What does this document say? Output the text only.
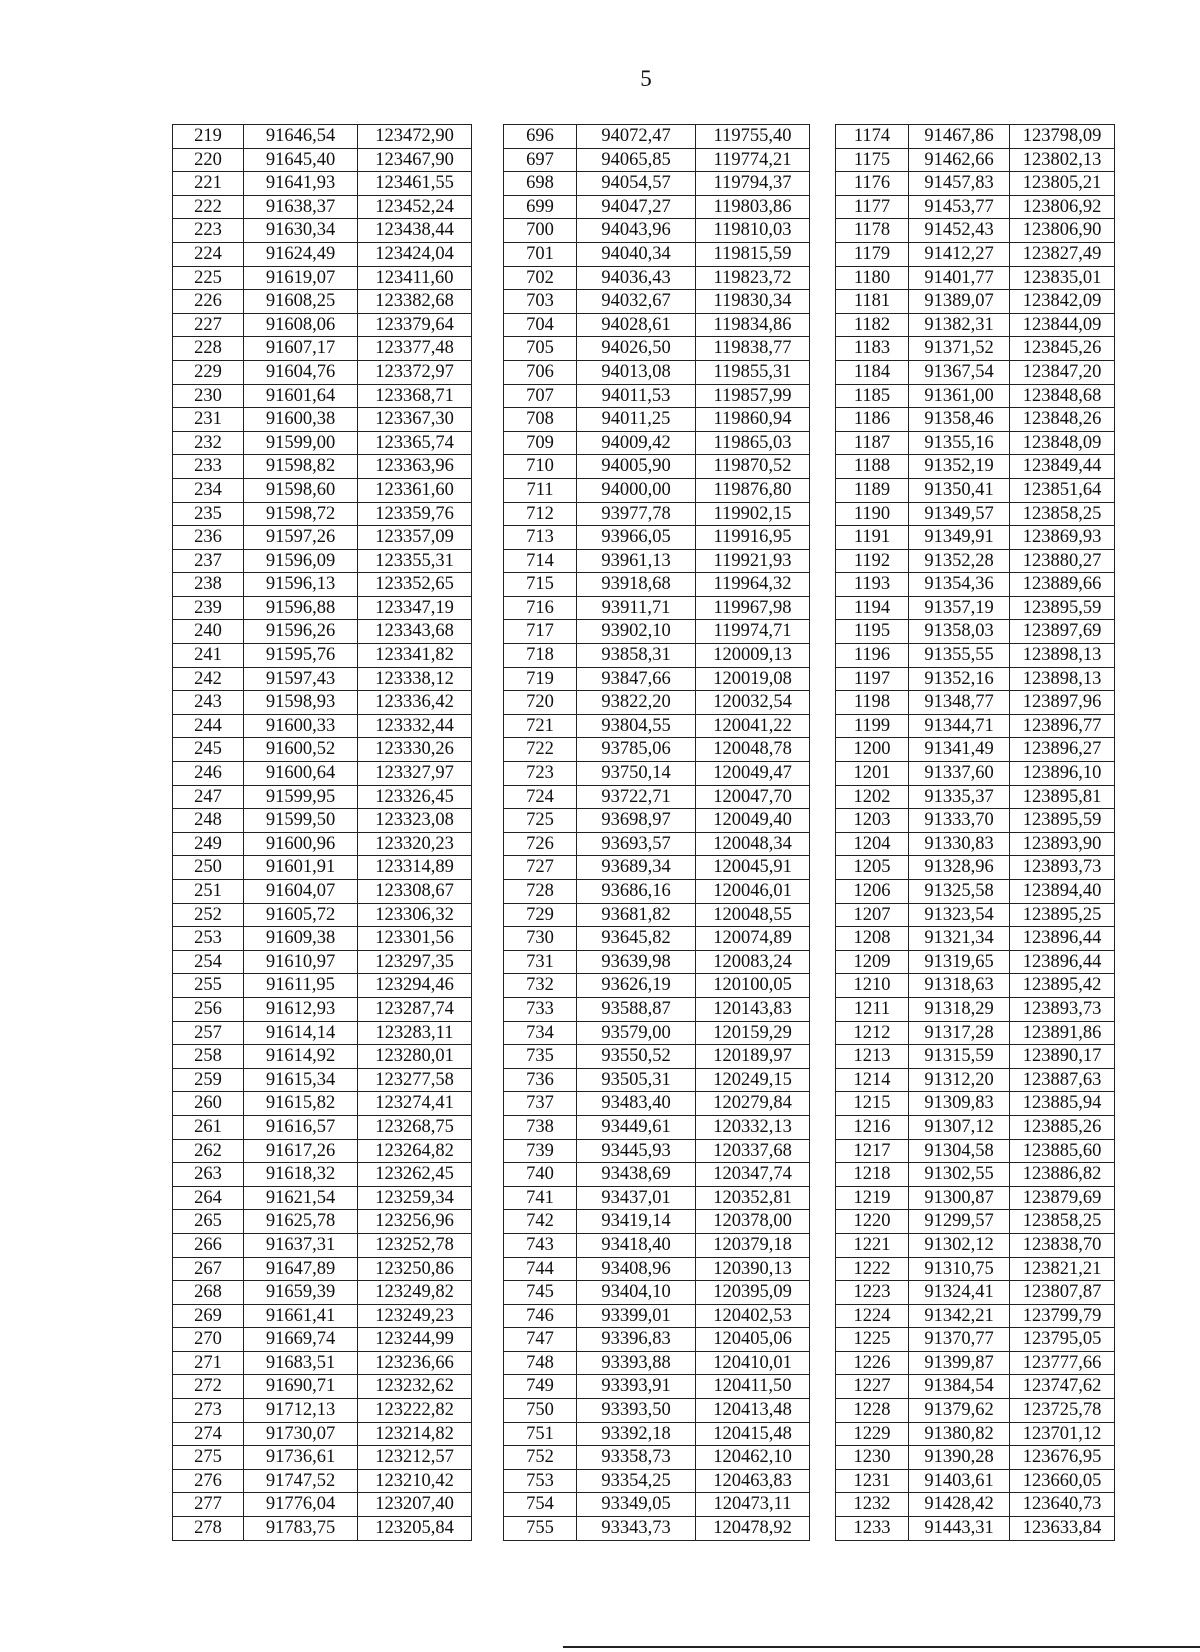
5
219	91646,54	123472,90
220	91645,40	123467,90
221	91641,93	123461,55
222	91638,37	123452,24
223	91630,34	123438,44
224	91624,49	123424,04
225	91619,07	123411,60
226	91608,25	123382,68
227	91608,06	123379,64
228	91607,17	123377,48
229	91604,76	123372,97
230	91601,64	123368,71
231	91600,38	123367,30
232	91599,00	123365,74
233	91598,82	123363,96
234	91598,60	123361,60
235	91598,72	123359,76
236	91597,26	123357,09
237	91596,09	123355,31
238	91596,13	123352,65
239	91596,88	123347,19
240	91596,26	123343,68
241	91595,76	123341,82
242	91597,43	123338,12
243	91598,93	123336,42
244	91600,33	123332,44
245	91600,52	123330,26
246	91600,64	123327,97
247	91599,95	123326,45
248	91599,50	123323,08
249	91600,96	123320,23
250	91601,91	123314,89
251	91604,07	123308,67
252	91605,72	123306,32
253	91609,38	123301,56
254	91610,97	123297,35
255	91611,95	123294,46
256	91612,93	123287,74
257	91614,14	123283,11
258	91614,92	123280,01
259	91615,34	123277,58
260	91615,82	123274,41
261	91616,57	123268,75
262	91617,26	123264,82
263	91618,32	123262,45
264	91621,54	123259,34
265	91625,78	123256,96
266	91637,31	123252,78
267	91647,89	123250,86
268	91659,39	123249,82
269	91661,41	123249,23
270	91669,74	123244,99
271	91683,51	123236,66
272	91690,71	123232,62
273	91712,13	123222,82
274	91730,07	123214,82
275	91736,61	123212,57
276	91747,52	123210,42
277	91776,04	123207,40
278	91783,75	123205,84
696	94072,47	119755,40
697	94065,85	119774,21
698	94054,57	119794,37
699	94047,27	119803,86
700	94043,96	119810,03
701	94040,34	119815,59
702	94036,43	119823,72
703	94032,67	119830,34
704	94028,61	119834,86
705	94026,50	119838,77
706	94013,08	119855,31
707	94011,53	119857,99
708	94011,25	119860,94
709	94009,42	119865,03
710	94005,90	119870,52
711	94000,00	119876,80
712	93977,78	119902,15
713	93966,05	119916,95
714	93961,13	119921,93
715	93918,68	119964,32
716	93911,71	119967,98
717	93902,10	119974,71
718	93858,31	120009,13
719	93847,66	120019,08
720	93822,20	120032,54
721	93804,55	120041,22
722	93785,06	120048,78
723	93750,14	120049,47
724	93722,71	120047,70
725	93698,97	120049,40
726	93693,57	120048,34
727	93689,34	120045,91
728	93686,16	120046,01
729	93681,82	120048,55
730	93645,82	120074,89
731	93639,98	120083,24
732	93626,19	120100,05
733	93588,87	120143,83
734	93579,00	120159,29
735	93550,52	120189,97
736	93505,31	120249,15
737	93483,40	120279,84
738	93449,61	120332,13
739	93445,93	120337,68
740	93438,69	120347,74
741	93437,01	120352,81
742	93419,14	120378,00
743	93418,40	120379,18
744	93408,96	120390,13
745	93404,10	120395,09
746	93399,01	120402,53
747	93396,83	120405,06
748	93393,88	120410,01
749	93393,91	120411,50
750	93393,50	120413,48
751	93392,18	120415,48
752	93358,73	120462,10
753	93354,25	120463,83
754	93349,05	120473,11
755	93343,73	120478,92
1174	91467,86	123798,09
1175	91462,66	123802,13
1176	91457,83	123805,21
1177	91453,77	123806,92
1178	91452,43	123806,90
1179	91412,27	123827,49
1180	91401,77	123835,01
1181	91389,07	123842,09
1182	91382,31	123844,09
1183	91371,52	123845,26
1184	91367,54	123847,20
1185	91361,00	123848,68
1186	91358,46	123848,26
1187	91355,16	123848,09
1188	91352,19	123849,44
1189	91350,41	123851,64
1190	91349,57	123858,25
1191	91349,91	123869,93
1192	91352,28	123880,27
1193	91354,36	123889,66
1194	91357,19	123895,59
1195	91358,03	123897,69
1196	91355,55	123898,13
1197	91352,16	123898,13
1198	91348,77	123897,96
1199	91344,71	123896,77
1200	91341,49	123896,27
1201	91337,60	123896,10
1202	91335,37	123895,81
1203	91333,70	123895,59
1204	91330,83	123893,90
1205	91328,96	123893,73
1206	91325,58	123894,40
1207	91323,54	123895,25
1208	91321,34	123896,44
1209	91319,65	123896,44
1210	91318,63	123895,42
1211	91318,29	123893,73
1212	91317,28	123891,86
1213	91315,59	123890,17
1214	91312,20	123887,63
1215	91309,83	123885,94
1216	91307,12	123885,26
1217	91304,58	123885,60
1218	91302,55	123886,82
1219	91300,87	123879,69
1220	91299,57	123858,25
1221	91302,12	123838,70
1222	91310,75	123821,21
1223	91324,41	123807,87
1224	91342,21	123799,79
1225	91370,77	123795,05
1226	91399,87	123777,66
1227	91384,54	123747,62
1228	91379,62	123725,78
1229	91380,82	123701,12
1230	91390,28	123676,95
1231	91403,61	123660,05
1232	91428,42	123640,73
1233	91443,31	123633,84
